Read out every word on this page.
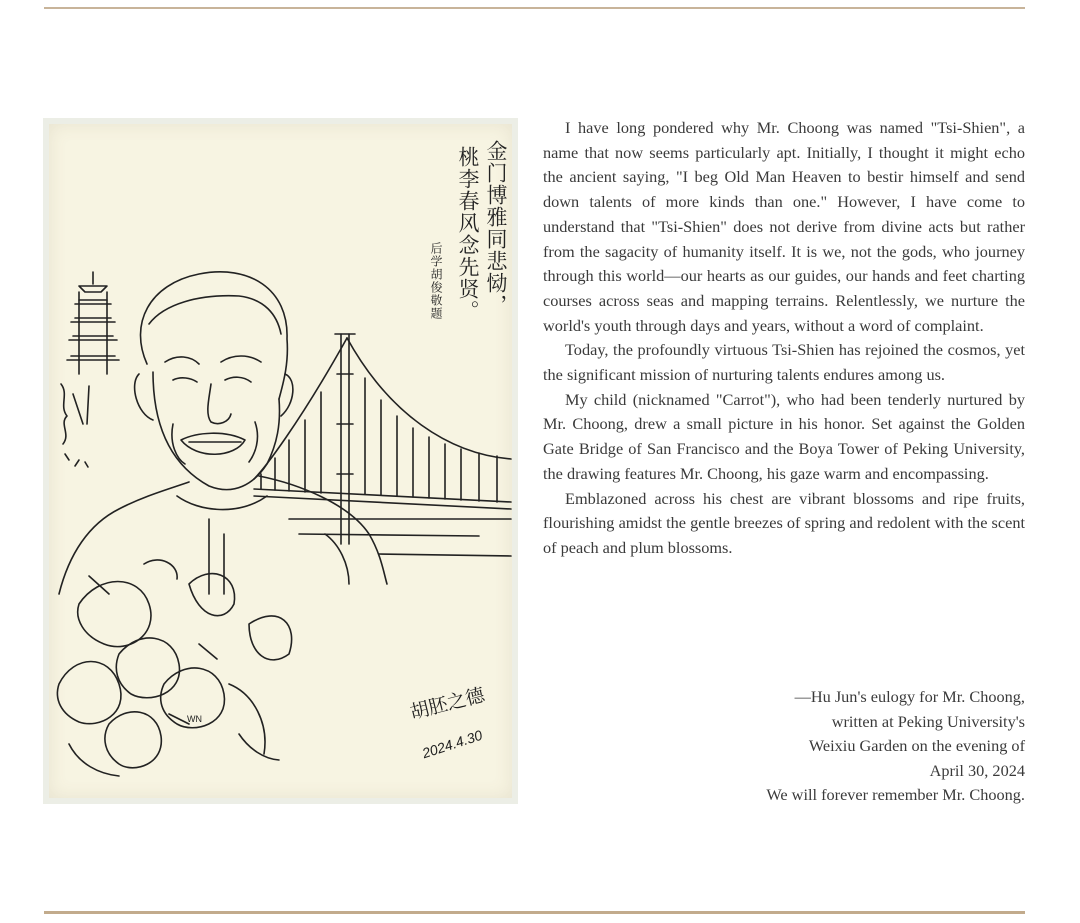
金门博雅同悲恸，
桃李春风念先贤。
后学胡俊敬题
WN	胡胚之德
2024.4.30

I have long pondered why Mr. Choong was named "Tsi-Shien", a name that now seems particularly apt. Initially, I thought it might echo the ancient saying, "I beg Old Man Heaven to bestir himself and send down talents of more kinds than one." However, I have come to understand that "Tsi-Shien" does not derive from divine acts but rather from the sagacity of humanity itself. It is we, not the gods, who journey through this world—our hearts as our guides, our hands and feet charting courses across seas and mapping terrains. Relentlessly, we nurture the world's youth through days and years, without a word of complaint.

Today, the profoundly virtuous Tsi-Shien has rejoined the cosmos, yet the significant mission of nurturing talents endures among us.

My child (nicknamed "Carrot"), who had been tenderly nurtured by Mr. Choong, drew a small picture in his honor. Set against the Golden Gate Bridge of San Francisco and the Boya Tower of Peking University, the drawing features Mr. Choong, his gaze warm and encompassing.

Emblazoned across his chest are vibrant blossoms and ripe fruits, flourishing amidst the gentle breezes of spring and redolent with the scent of peach and plum blossoms.

—Hu Jun's eulogy for Mr. Choong,
written at Peking University's
Weixiu Garden on the evening of
April 30, 2024
We will forever remember Mr. Choong.
